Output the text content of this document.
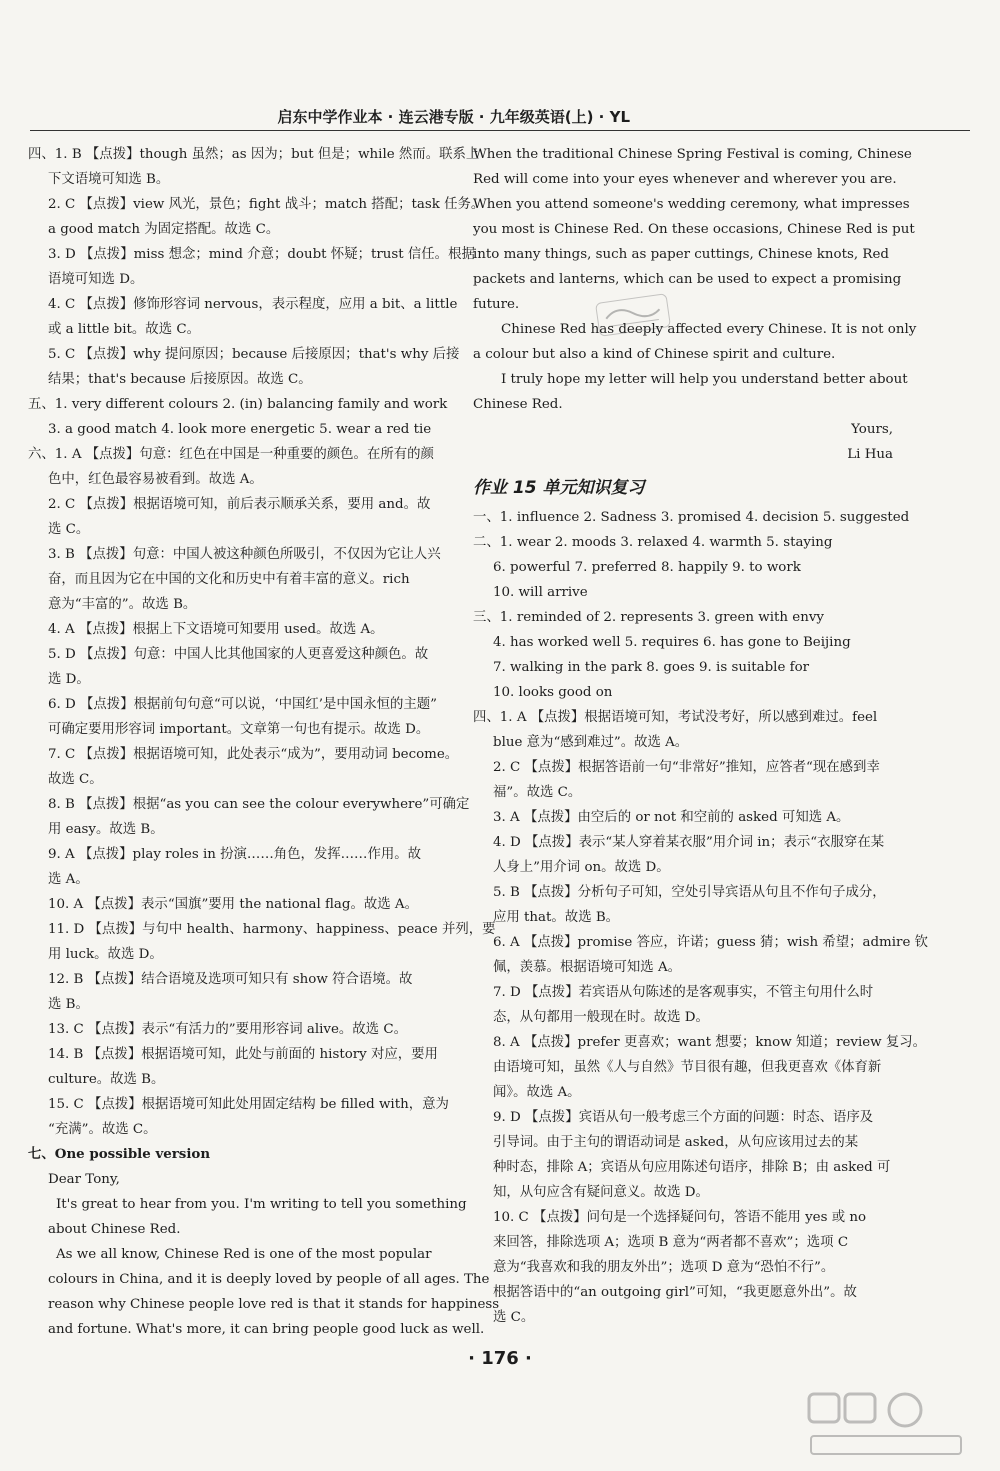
启东中学作业本 · 连云港专版 · 九年级英语(上) · YL
四、1. B 【点拨】though 虽然；as 因为；but 但是；while 然而。联系上
下文语境可知选 B。
2. C 【点拨】view 风光，景色；fight 战斗；match 搭配；task 任务。
a good match 为固定搭配。故选 C。
3. D 【点拨】miss 想念；mind 介意；doubt 怀疑；trust 信任。根据
语境可知选 D。
4. C 【点拨】修饰形容词 nervous，表示程度，应用 a bit、a little
或 a little bit。故选 C。
5. C 【点拨】why 提问原因；because 后接原因；that's why 后接
结果；that's because 后接原因。故选 C。
五、1. very different colours 2. (in) balancing family and work
3. a good match 4. look more energetic 5. wear a red tie
六、1. A 【点拨】句意：红色在中国是一种重要的颜色。在所有的颜
色中，红色最容易被看到。故选 A。
2. C 【点拨】根据语境可知，前后表示顺承关系，要用 and。故
选 C。
3. B 【点拨】句意：中国人被这种颜色所吸引，不仅因为它让人兴
奋，而且因为它在中国的文化和历史中有着丰富的意义。rich
意为“丰富的”。故选 B。
4. A 【点拨】根据上下文语境可知要用 used。故选 A。
5. D 【点拨】句意：中国人比其他国家的人更喜爱这种颜色。故
选 D。
6. D 【点拨】根据前句句意“可以说，‘中国红’是中国永恒的主题”
可确定要用形容词 important。文章第一句也有提示。故选 D。
7. C 【点拨】根据语境可知，此处表示“成为”，要用动词 become。
故选 C。
8. B 【点拨】根据“as you can see the colour everywhere”可确定
用 easy。故选 B。
9. A 【点拨】play roles in 扮演……角色，发挥……作用。故
选 A。
10. A 【点拨】表示“国旗”要用 the national flag。故选 A。
11. D 【点拨】与句中 health、harmony、happiness、peace 并列，要
用 luck。故选 D。
12. B 【点拨】结合语境及选项可知只有 show 符合语境。故
选 B。
13. C 【点拨】表示“有活力的”要用形容词 alive。故选 C。
14. B 【点拨】根据语境可知，此处与前面的 history 对应，要用
culture。故选 B。
15. C 【点拨】根据语境可知此处用固定结构 be filled with，意为
“充满”。故选 C。
七、One possible version
Dear Tony,
It's great to hear from you. I'm writing to tell you something
about Chinese Red.
As we all know, Chinese Red is one of the most popular
colours in China, and it is deeply loved by people of all ages. The
reason why Chinese people love red is that it stands for happiness
and fortune. What's more, it can bring people good luck as well.
When the traditional Chinese Spring Festival is coming, Chinese
Red will come into your eyes whenever and wherever you are.
When you attend someone's wedding ceremony, what impresses
you most is Chinese Red. On these occasions, Chinese Red is put
into many things, such as paper cuttings, Chinese knots, Red
packets and lanterns, which can be used to expect a promising
future.
Chinese Red has deeply affected every Chinese. It is not only
a colour but also a kind of Chinese spirit and culture.
I truly hope my letter will help you understand better about
Chinese Red.
Yours,
Li Hua
作业 15 单元知识复习
一、1. influence 2. Sadness 3. promised 4. decision 5. suggested
二、1. wear 2. moods 3. relaxed 4. warmth 5. staying
6. powerful 7. preferred 8. happily 9. to work
10. will arrive
三、1. reminded of 2. represents 3. green with envy
4. has worked well 5. requires 6. has gone to Beijing
7. walking in the park 8. goes 9. is suitable for
10. looks good on
四、1. A 【点拨】根据语境可知，考试没考好，所以感到难过。feel
blue 意为“感到难过”。故选 A。
2. C 【点拨】根据答语前一句“非常好”推知，应答者“现在感到幸
福”。故选 C。
3. A 【点拨】由空后的 or not 和空前的 asked 可知选 A。
4. D 【点拨】表示“某人穿着某衣服”用介词 in；表示“衣服穿在某
人身上”用介词 on。故选 D。
5. B 【点拨】分析句子可知，空处引导宾语从句且不作句子成分，
应用 that。故选 B。
6. A 【点拨】promise 答应，许诺；guess 猜；wish 希望；admire 钦
佩，羡慕。根据语境可知选 A。
7. D 【点拨】若宾语从句陈述的是客观事实，不管主句用什么时
态，从句都用一般现在时。故选 D。
8. A 【点拨】prefer 更喜欢；want 想要；know 知道；review 复习。
由语境可知，虽然《人与自然》节目很有趣，但我更喜欢《体育新
闻》。故选 A。
9. D 【点拨】宾语从句一般考虑三个方面的问题：时态、语序及
引导词。由于主句的谓语动词是 asked，从句应该用过去的某
种时态，排除 A；宾语从句应用陈述句语序，排除 B；由 asked 可
知，从句应含有疑问意义。故选 D。
10. C 【点拨】问句是一个选择疑问句，答语不能用 yes 或 no
来回答，排除选项 A；选项 B 意为“两者都不喜欢”；选项 C
意为“我喜欢和我的朋友外出”；选项 D 意为“恐怕不行”。
根据答语中的“an outgoing girl”可知，“我更愿意外出”。故
选 C。
· 176 ·
